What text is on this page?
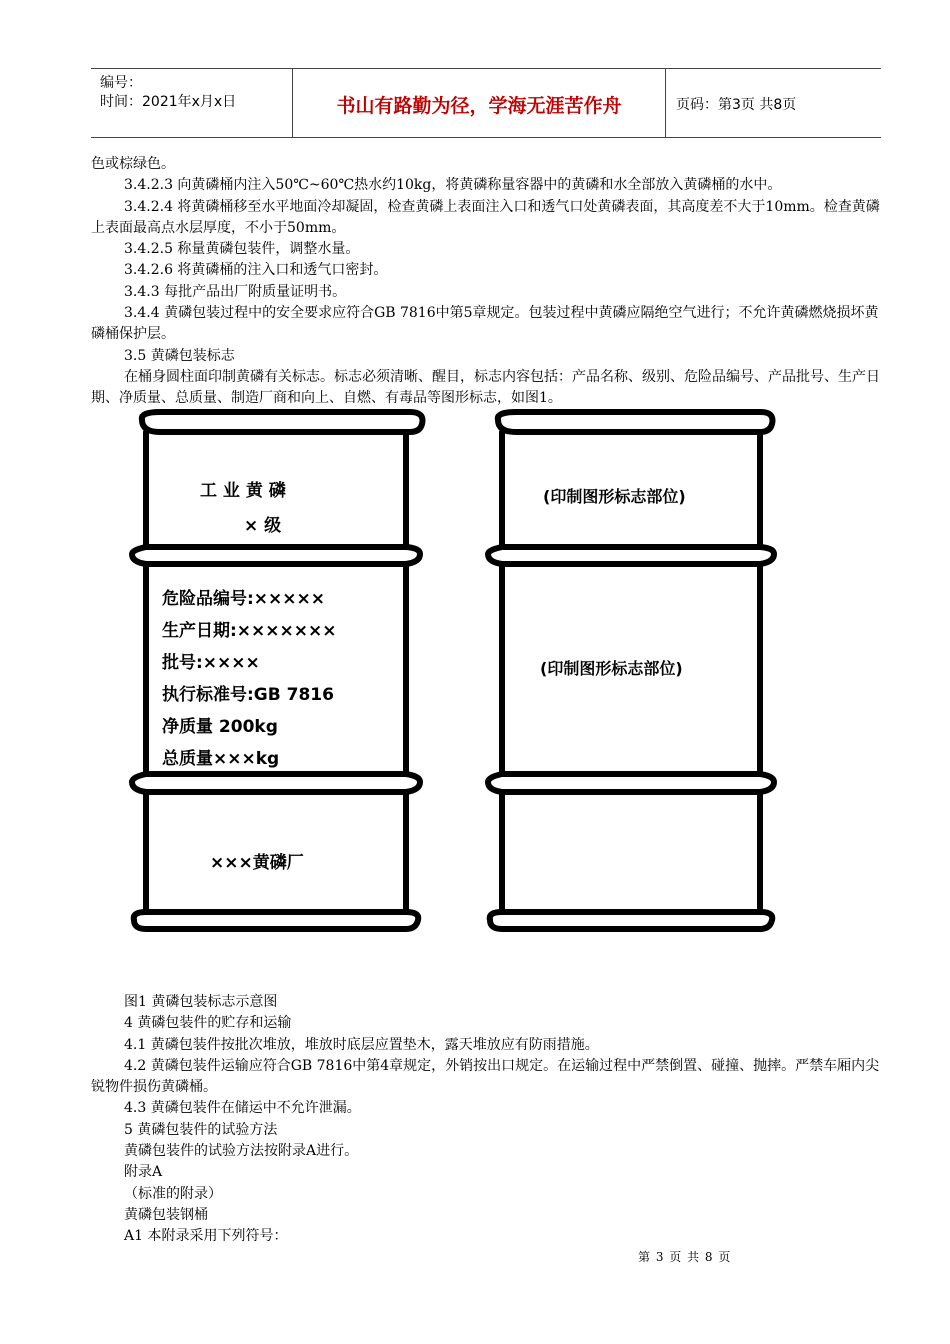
编号：
时间：2021年x月x日	书山有路勤为径，学海无涯苦作舟	页码：第3页 共8页

色或棕绿色。

3.4.2.3 向黄磷桶内注入50℃~60℃热水约10kg，将黄磷称量容器中的黄磷和水全部放入黄磷桶的水中。

3.4.2.4 将黄磷桶移至水平地面冷却凝固，检查黄磷上表面注入口和透气口处黄磷表面，其高度差不大于10mm。检查黄磷上表面最高点水层厚度，不小于50mm。

3.4.2.5 称量黄磷包装件，调整水量。

3.4.2.6 将黄磷桶的注入口和透气口密封。

3.4.3 每批产品出厂附质量证明书。

3.4.4 黄磷包装过程中的安全要求应符合GB 7816中第5章规定。包装过程中黄磷应隔绝空气进行；不允许黄磷燃烧损坏黄磷桶保护层。

3.5 黄磷包装标志

在桶身圆柱面印制黄磷有关标志。标志必须清晰、醒目，标志内容包括：产品名称、级别、危险品编号、产品批号、生产日期、净质量、总质量、制造厂商和向上、自燃、有毒品等图形标志，如图1。

工 业 黄 磷
× 级
危险品编号:×××××
生产日期:×××××××
批号:××××
执行标准号:GB 7816
净质量 200kg
总质量×××kg
×××黄磷厂
(印制图形标志部位)
(印制图形标志部位)

图1 黄磷包装标志示意图

4 黄磷包装件的贮存和运输

4.1 黄磷包装件按批次堆放，堆放时底层应置垫木，露天堆放应有防雨措施。

4.2 黄磷包装件运输应符合GB 7816中第4章规定，外销按出口规定。在运输过程中严禁倒置、碰撞、抛摔。严禁车厢内尖锐物件损伤黄磷桶。

4.3 黄磷包装件在储运中不允许泄漏。

5 黄磷包装件的试验方法

黄磷包装件的试验方法按附录A进行。

附录A

（标准的附录）

黄磷包装钢桶

A1 本附录采用下列符号：

第 3 页 共 8 页
